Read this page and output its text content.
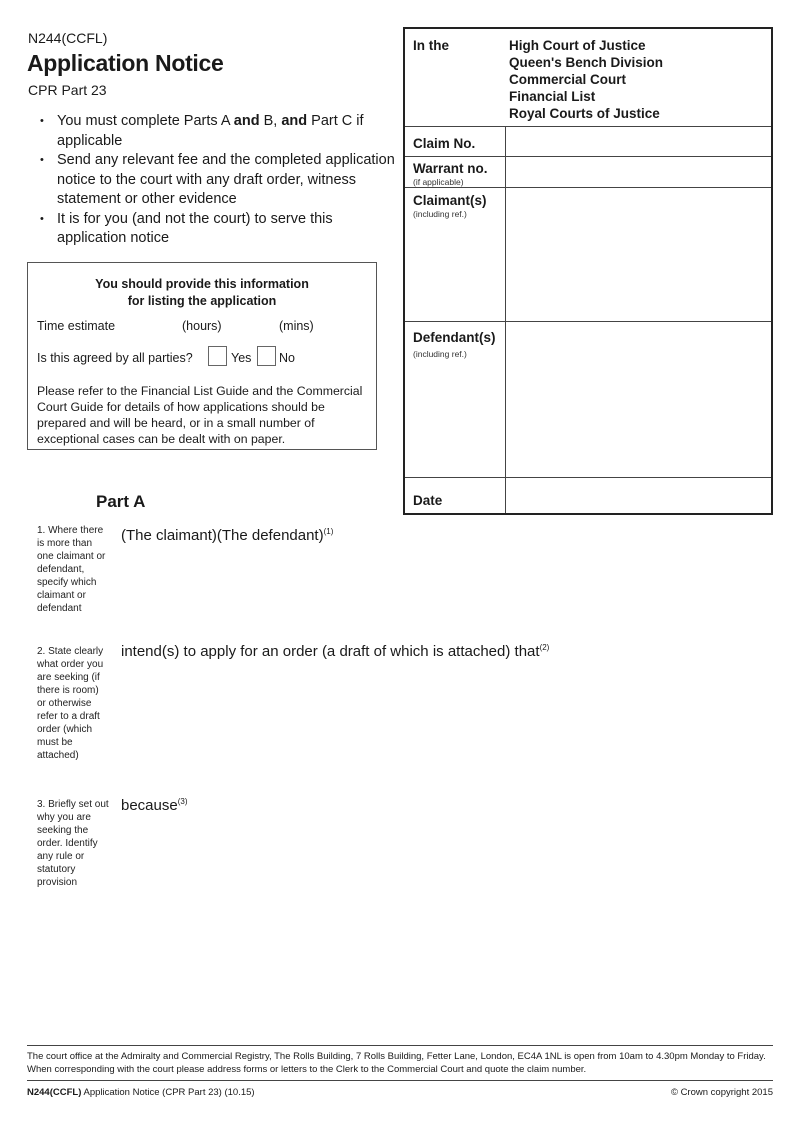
N244(CCFL)
Application Notice
CPR Part 23
• You must complete Parts A and B, and Part C if applicable
• Send any relevant fee and the completed application notice to the court with any draft order, witness statement or other evidence
• It is for you (and not the court) to serve this application notice
You should provide this information
for listing the application
Time estimate	(hours)	(mins)
Is this agreed by all parties?	Yes No
Please refer to the Financial List Guide and the Commercial Court Guide for details of how applications should be prepared and will be heard, or in a small number of exceptional cases can be dealt with on paper.
In the	High Court of Justice
Queen's Bench Division
Commercial Court
Financial List
Royal Courts of Justice
Claim No.
Warrant no.
(if applicable)
Claimant(s)
(including ref.)
Defendant(s)
(including ref.)
Date
Part A
1. Where there is more than one claimant or defendant, specify which claimant or defendant
(The claimant)(The defendant)$^{(1)}$
2. State clearly what order you are seeking (if there is room) or otherwise refer to a draft order (which must be attached)
intend(s) to apply for an order (a draft of which is attached) that$^{(2)}$
3. Briefly set out why you are seeking the order. Identify any rule or statutory provision
because$^{(3)}$
The court office at the Admiralty and Commercial Registry, The Rolls Building, 7 Rolls Building, Fetter Lane, London, EC4A 1NL is open from 10am to 4.30pm Monday to Friday. When corresponding with the court please address forms or letters to the Clerk to the Commercial Court and quote the claim number.
N244(CCFL) Application Notice (CPR Part 23) (10.15)	© Crown copyright 2015
